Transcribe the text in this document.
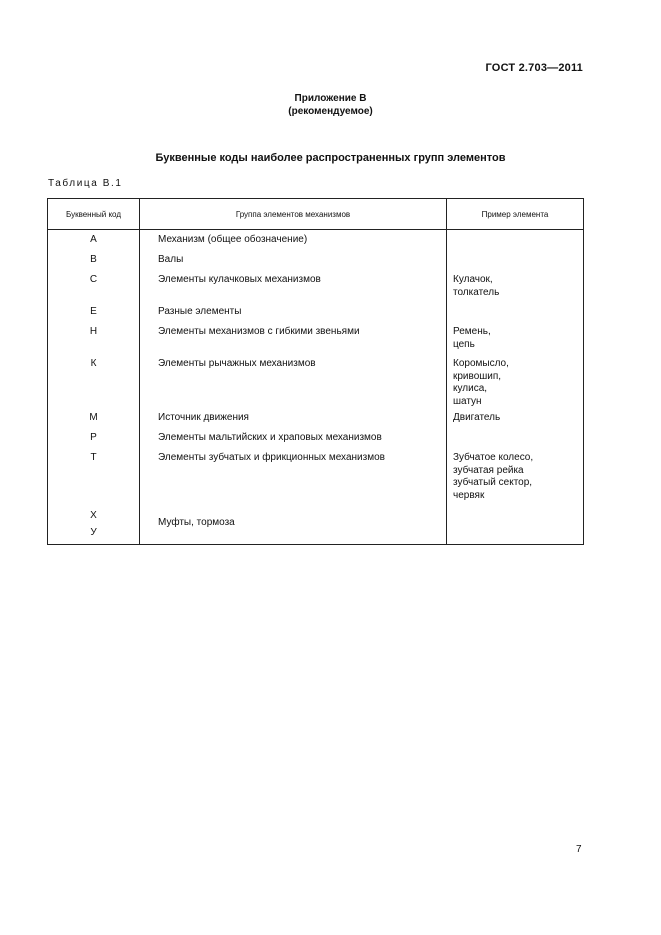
ГОСТ 2.703—2011
Приложение В
(рекомендуемое)
Буквенные коды наиболее распространенных групп элементов
Таблица В.1
Буквенный код	Группа элементов механизмов	Пример элемента
А	Механизм (общее обозначение)	
В	Валы	
С	Элементы кулачковых механизмов	Кулачок,
толкатель

Е	Разные элементы	
Н	Элементы механизмов с гибкими звеньями	Ремень,
цепь

К	Элементы рычажных механизмов	Коромысло,
кривошип,
кулиса,
шатун

М	Источник движения	Двигатель

Р	Элементы мальтийских и храповых механизмов	
Т	Элементы зубчатых и фрикционных механизмов	Зубчатое колесо,
зубчатая рейка
зубчатый сектор,
червяк

Х		
У	Муфты, тормоза	
7
